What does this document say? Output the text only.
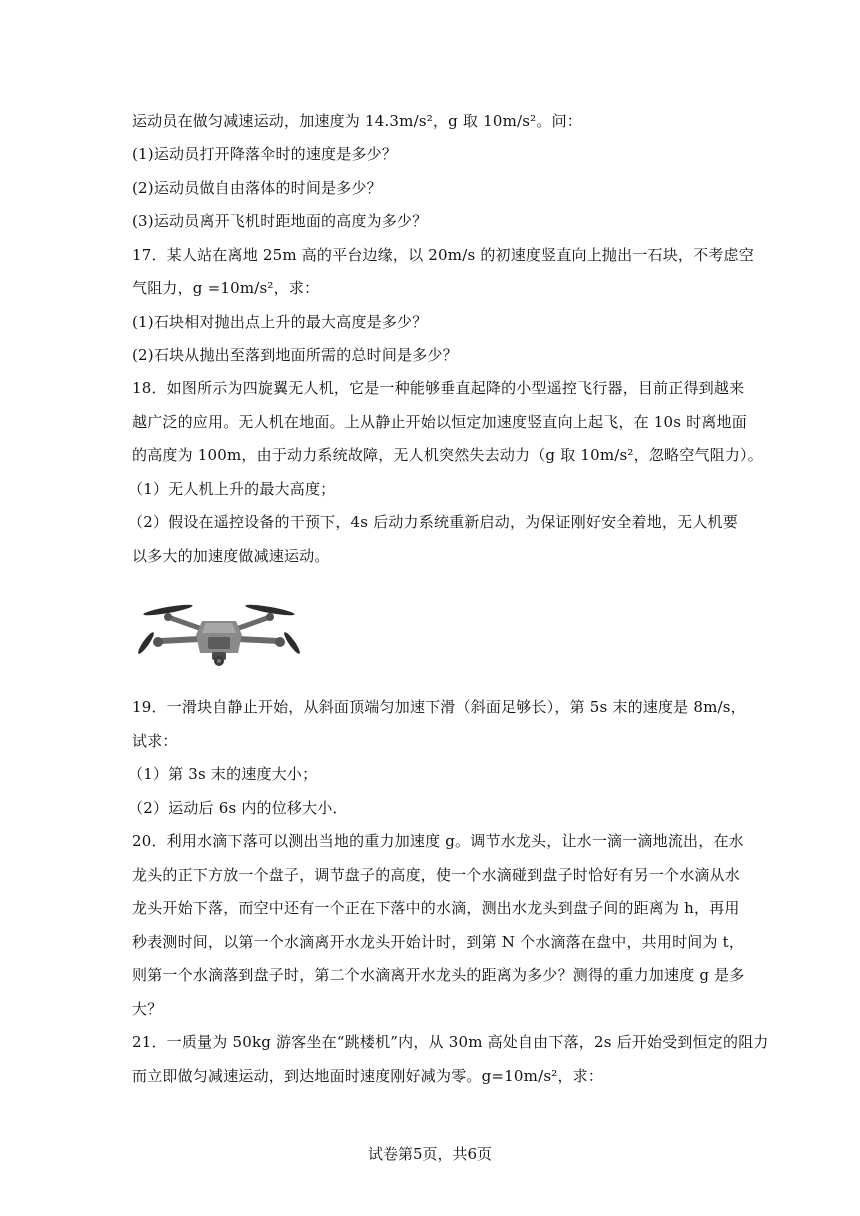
运动员在做匀减速运动，加速度为 14.3m/s²，g 取 10m/s²。问：
(1)运动员打开降落伞时的速度是多少？
(2)运动员做自由落体的时间是多少？
(3)运动员离开飞机时距地面的高度为多少？
17．某人站在离地 25m 高的平台边缘，以 20m/s 的初速度竖直向上抛出一石块，不考虑空
气阻力，g =10m/s²，求：
(1)石块相对抛出点上升的最大高度是多少？
(2)石块从抛出至落到地面所需的总时间是多少？
18．如图所示为四旋翼无人机，它是一种能够垂直起降的小型遥控飞行器，目前正得到越来
越广泛的应用。无人机在地面。上从静止开始以恒定加速度竖直向上起飞，在 10s 时离地面
的高度为 100m，由于动力系统故障，无人机突然失去动力（g 取 10m/s²，忽略空气阻力）。
（1）无人机上升的最大高度；
（2）假设在遥控设备的干预下，4s 后动力系统重新启动，为保证刚好安全着地，无人机要
以多大的加速度做减速运动。
19．一滑块自静止开始，从斜面顶端匀加速下滑（斜面足够长），第 5s 末的速度是 8m/s，
试求：
（1）第 3s 末的速度大小；
（2）运动后 6s 内的位移大小．
20．利用水滴下落可以测出当地的重力加速度 g。调节水龙头，让水一滴一滴地流出，在水
龙头的正下方放一个盘子，调节盘子的高度，使一个水滴碰到盘子时恰好有另一个水滴从水
龙头开始下落，而空中还有一个正在下落中的水滴，测出水龙头到盘子间的距离为 h，再用
秒表测时间，以第一个水滴离开水龙头开始计时，到第 N 个水滴落在盘中，共用时间为 t，
则第一个水滴落到盘子时，第二个水滴离开水龙头的距离为多少？测得的重力加速度 g 是多
大？
21．一质量为 50kg 游客坐在“跳楼机”内，从 30m 高处自由下落，2s 后开始受到恒定的阻力
而立即做匀减速运动，到达地面时速度刚好减为零。g=10m/s²，求：
试卷第5页，共6页
